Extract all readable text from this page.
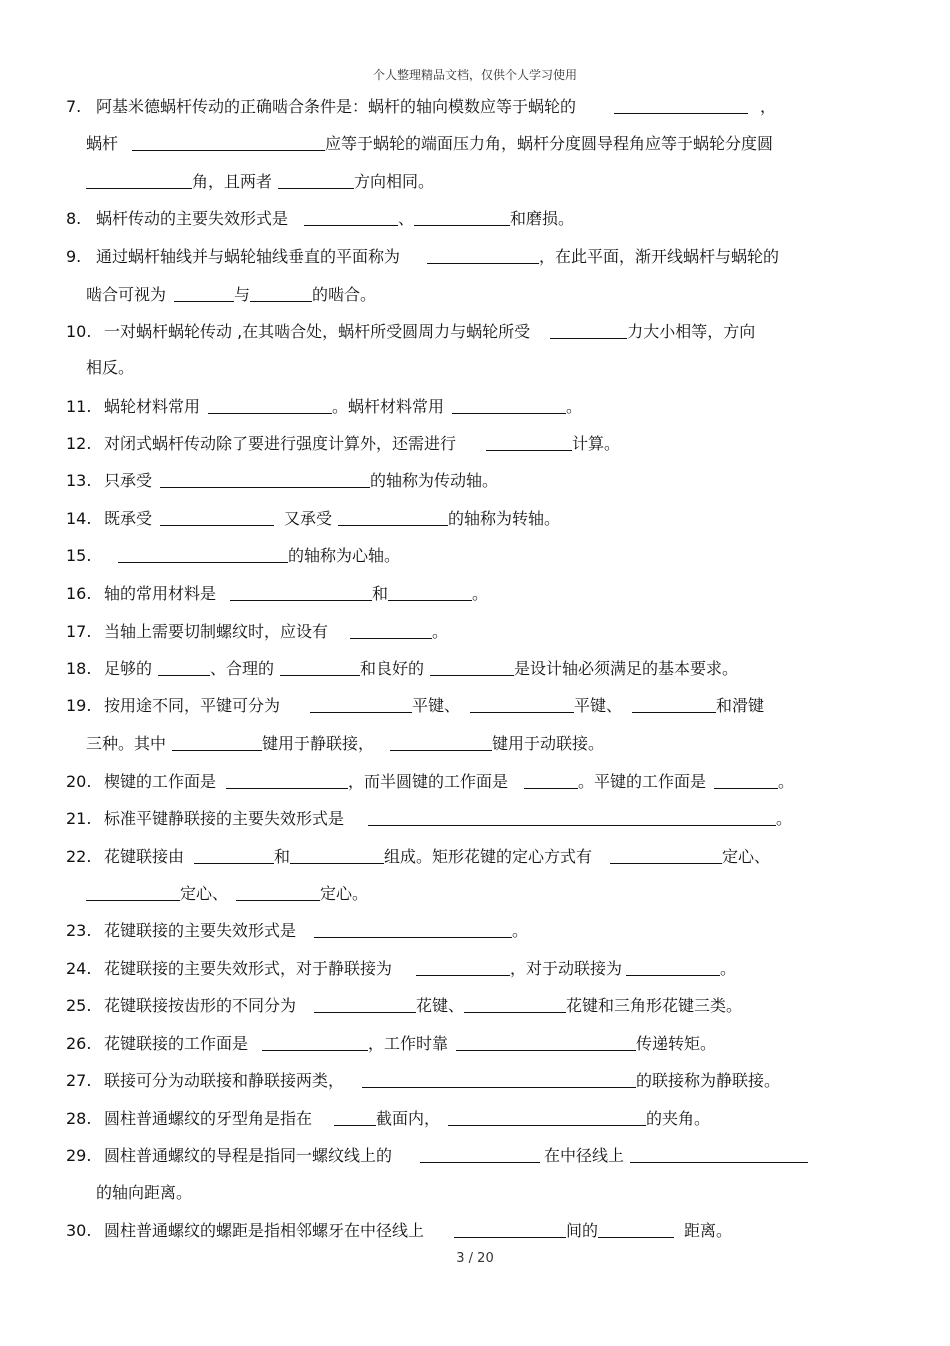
个人整理精品文档，仅供个人学习使用
7. 阿基米德蜗杆传动的正确啮合条件是：蜗杆的轴向模数应等于蜗轮的	，
蜗杆	应等于蜗轮的端面压力角，蜗杆分度圆导程角应等于蜗轮分度圆
角，且两者	方向相同。
8. 蜗杆传动的主要失效形式是	、	和磨损。
9. 通过蜗杆轴线并与蜗轮轴线垂直的平面称为	，在此平面，渐开线蜗杆与蜗轮的
啮合可视为	与	的啮合。
10. 一对蜗杆蜗轮传动 ,在其啮合处，蜗杆所受圆周力与蜗轮所受	力大小相等，方向
相反。
11. 蜗轮材料常用	。蜗杆材料常用	。
12. 对闭式蜗杆传动除了要进行强度计算外，还需进行	计算。
13. 只承受	的轴称为传动轴。
14. 既承受	又承受	的轴称为转轴。
15.	的轴称为心轴。
16. 轴的常用材料是	和	。
17. 当轴上需要切制螺纹时，应设有	。
18. 足够的	、合理的	和良好的	是设计轴必须满足的基本要求。
19. 按用途不同，平键可分为	平键、	平键、	和滑键
三种。其中	键用于静联接，	键用于动联接。
20. 楔键的工作面是	，而半圆键的工作面是	。平键的工作面是	。
21. 标准平键静联接的主要失效形式是	。
22. 花键联接由	和	组成。矩形花键的定心方式有	定心、
定心、	定心。
23. 花键联接的主要失效形式是	。
24. 花键联接的主要失效形式，对于静联接为	，对于动联接为	。
25. 花键联接按齿形的不同分为	花键、	花键和三角形花键三类。
26. 花键联接的工作面是	，工作时靠	传递转矩。
27. 联接可分为动联接和静联接两类，	的联接称为静联接。
28. 圆柱普通螺纹的牙型角是指在	截面内，	的夹角。
29. 圆柱普通螺纹的导程是指同一螺纹线上的	在中径线上
的轴向距离。
30. 圆柱普通螺纹的螺距是指相邻螺牙在中径线上	间的	距离。
3 / 20
